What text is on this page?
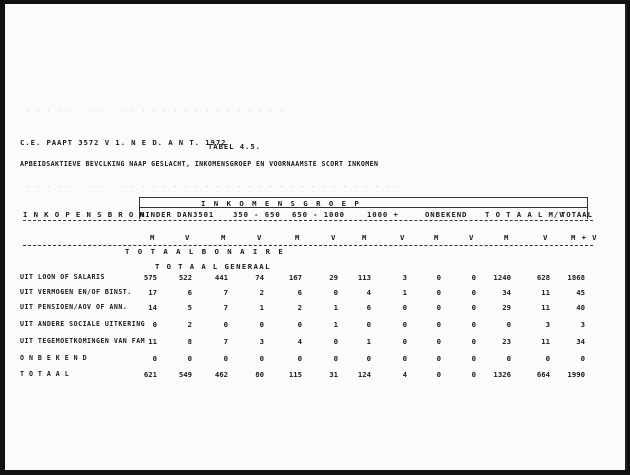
· · · · · · · · · · · · · · · · · · · · · · · · ·
· · · · · · · · · · · · · · · · · · · · · · · · · · · · · · · · · · · ·
· · · · · · · · · · · · · · · · · · · · · · · · · · · · · · · · · ·
C.E. PAAPT 3572 V 1. N E D. A N T. 1972
TABEL 4.5.
APBEIDSAKTIEVE BEVCLKING NAAP GESLACHT, INKOMENSGROEP EN VOORNAAMSTE SCORT INKOMEN
I N K O M E N S G R O E P
I N K O P E N S B R O N
MINDER DAN 3501	350 - 650 650 - 1000	1000 +	ONBEKEND T O T A A L M/V
TOTAAL
M	V	M	V	M	V	M	V	M	V	M	V	M + V
T O T A A L B O N A I R E
T O T A A L GENERAAL
UIT LOON OF SALARIS	575	522	441	74	167	29	113	3	0	0	1240	628	1868
UIT VERMOGEN EN/OF BINST.	17	6	7	2	6	0	4	1	0	0	34	11	45
UIT PENSIOEN/AOV OF ANN.	14	5	7	1	2	1	6	0	0	0	29	11	40
UIT ANDERE SOCIALE UITKERING	0	2	0	0	0	1	0	0	0	0	0	3	3
UIT TEGEMOETKOMINGEN VAN FAM 11	8	7	3	4	0	1	0	0	0	23	11	34
O N B E K E N D	0	0	0	0	0	0	0	0	0	0	0	0	0
T O T A A L	621	549	462	80	115	31	124	4	0	0	1326	664	1990
